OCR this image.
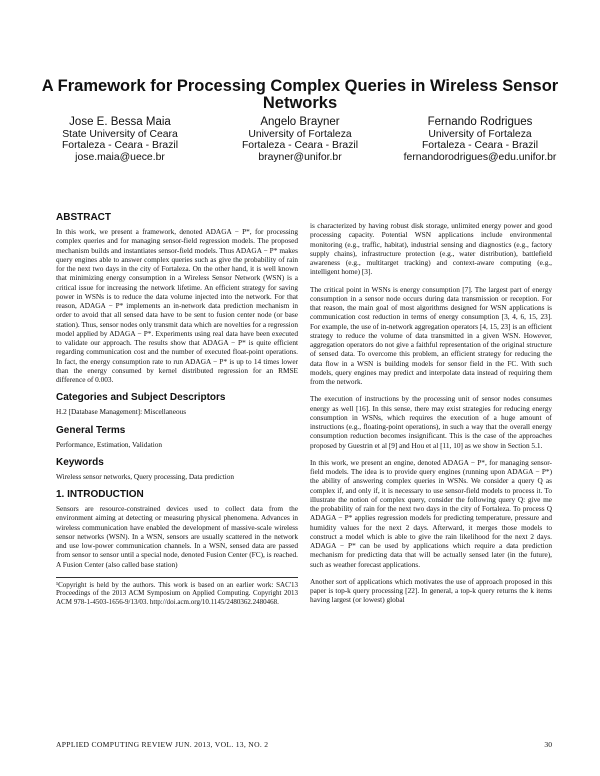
A Framework for Processing Complex Queries in Wireless Sensor Networks
Jose E. Bessa Maia
State University of Ceara
Fortaleza - Ceara - Brazil
jose.maia@uece.br
Angelo Brayner
University of Fortaleza
Fortaleza - Ceara - Brazil
brayner@unifor.br
Fernando Rodrigues
University of Fortaleza
Fortaleza - Ceara - Brazil
fernandorodrigues@edu.unifor.br
ABSTRACT

In this work, we present a framework, denoted ADAGA − P*, for processing complex queries and for managing sensor-field regression models. The proposed mechanism builds and instantiates sensor-field models. Thus ADAGA − P* makes query engines able to answer complex queries such as give the probability of rain for the next two days in the city of Fortaleza. On the other hand, it is well known that minimizing energy consumption in a Wireless Sensor Network (WSN) is a critical issue for increasing the network lifetime. An efficient strategy for saving power in WSNs is to reduce the data volume injected into the network. For that reason, ADAGA − P* implements an in-network data prediction mechanism in order to avoid that all sensed data have to be sent to fusion center node (or base station). Thus, sensor nodes only transmit data which are novelties for a regression model applied by ADAGA − P*. Experiments using real data have been executed to validate our approach. The results show that ADAGA − P* is quite efficient regarding communication cost and the number of executed float-point operations. In fact, the energy consumption rate to run ADAGA − P* is up to 14 times lower than the energy consumed by kernel distributed regression for an RMSE difference of 0.003.

Categories and Subject Descriptors

H.2 [Database Management]: Miscellaneous

General Terms

Performance, Estimation, Validation

Keywords

Wireless sensor networks, Query processing, Data prediction

1. INTRODUCTION

Sensors are resource-constrained devices used to collect data from the environment aiming at detecting or measuring physical phenomena. Advances in wireless communication have enabled the development of massive-scale wireless sensor networks (WSN). In a WSN, sensors are usually scattered in the network and use low-power communication channels. In a WSN, sensed data are passed from sensor to sensor until a special node, denoted Fusion Center (FC), is reached. A Fusion Center (also called base station)

¹Copyright is held by the authors. This work is based on an earlier work: SAC'13 Proceedings of the 2013 ACM Symposium on Applied Computing. Copyright 2013 ACM 978-1-4503-1656-9/13/03. http://doi.acm.org/10.1145/2480362.2480468.

is characterized by having robust disk storage, unlimited energy power and good processing capacity. Potential WSN applications include environmental monitoring (e.g., traffic, habitat), industrial sensing and diagnostics (e.g., factory supply chains), infrastructure protection (e.g., water distribution), battlefield awareness (e.g., multitarget tracking) and context-aware computing (e.g., intelligent home) [3].

The critical point in WSNs is energy consumption [7]. The largest part of energy consumption in a sensor node occurs during data transmission or reception. For that reason, the main goal of most algorithms designed for WSN applications is communication cost reduction in terms of energy consumption [3, 4, 6, 15, 23]. For example, the use of in-network aggregation operators [4, 15, 23] is an efficient strategy to reduce the volume of data transmitted in a given WSN. However, aggregation operators do not give a faithful representation of the original structure of sensed data. To overcome this problem, an efficient strategy for reducing the data flow in a WSN is building models for sensor field in the FC. With such models, query engines may predict and interpolate data instead of requiring them from the network.

The execution of instructions by the processing unit of sensor nodes consumes energy as well [16]. In this sense, there may exist strategies for reducing energy consumption in WSNs, which requires the execution of a huge amount of instructions (e.g., floating-point operations), in such a way that the overall energy consumption reduction becomes insignificant. This is the case of the approaches proposed by Guestrin et al [9] and Hou et al [11, 10] as we show in Section 5.1.

In this work, we present an engine, denoted ADAGA − P*, for managing sensor-field models. The idea is to provide query engines (running upon ADAGA − P*) the ability of answering complex queries in WSNs. We consider a query Q as complex if, and only if, it is necessary to use sensor-field models to process it. To illustrate the notion of complex query, consider the following query Q: give me the probability of rain for the next two days in the city of Fortaleza. To process Q ADAGA − P* applies regression models for predicting temperature, pressure and humidity values for the next 2 days. Afterward, it merges those models to construct a model which is able to give the rain likelihood for the next 2 days. ADAGA − P* can be used by applications which require a data prediction mechanism for predicting data that will be actually sensed later (in the future), such as weather forecast applications.

Another sort of applications which motivates the use of approach proposed in this paper is top-k query processing [22]. In general, a top-k query returns the k items having largest (or lowest) global

APPLIED COMPUTING REVIEW JUN. 2013, VOL. 13, NO. 2	30
